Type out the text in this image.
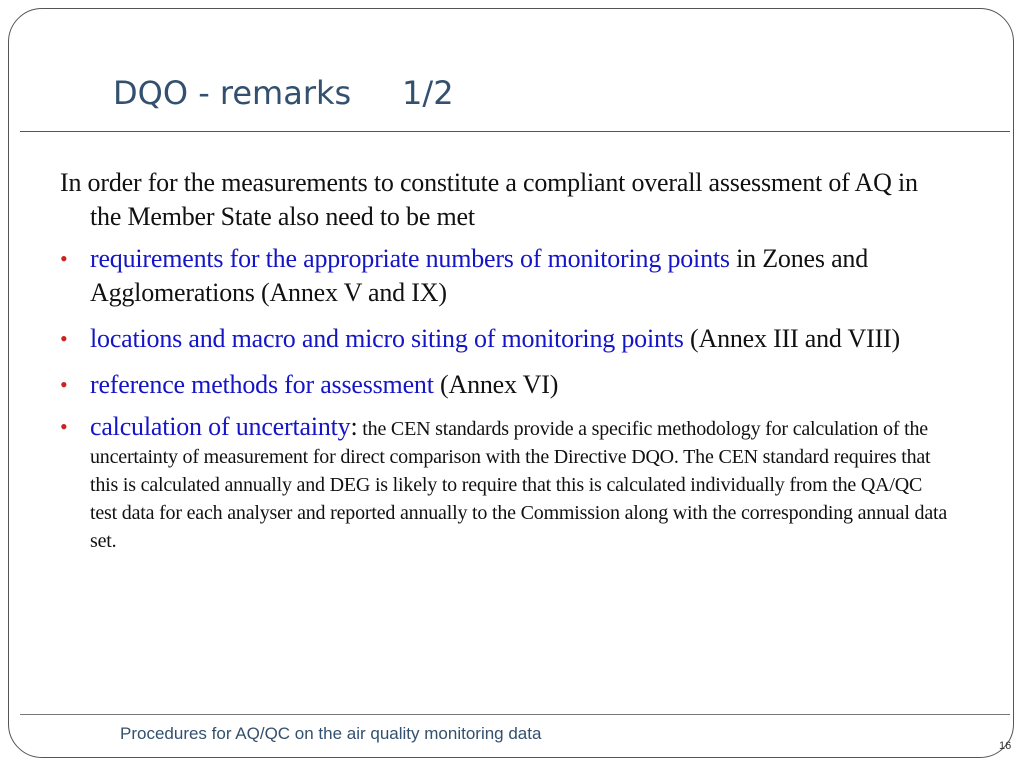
DQO - remarks     1/2

In order for the measurements to constitute a compliant overall assessment of AQ in the Member State also need to be met

• requirements for the appropriate numbers of monitoring points in Zones and Agglomerations (Annex V and IX)
• locations and macro and micro siting of monitoring points (Annex III and VIII)
• reference methods for assessment (Annex VI)
• calculation of uncertainty: the CEN standards provide a specific methodology for calculation of the uncertainty of measurement for direct comparison with the Directive DQO. The CEN standard requires that this is calculated annually and DEG is likely to require that this is calculated individually from the QA/QC test data for each analyser and reported annually to the Commission along with the corresponding annual data set.
Procedures for AQ/QC on the air quality monitoring data
16
